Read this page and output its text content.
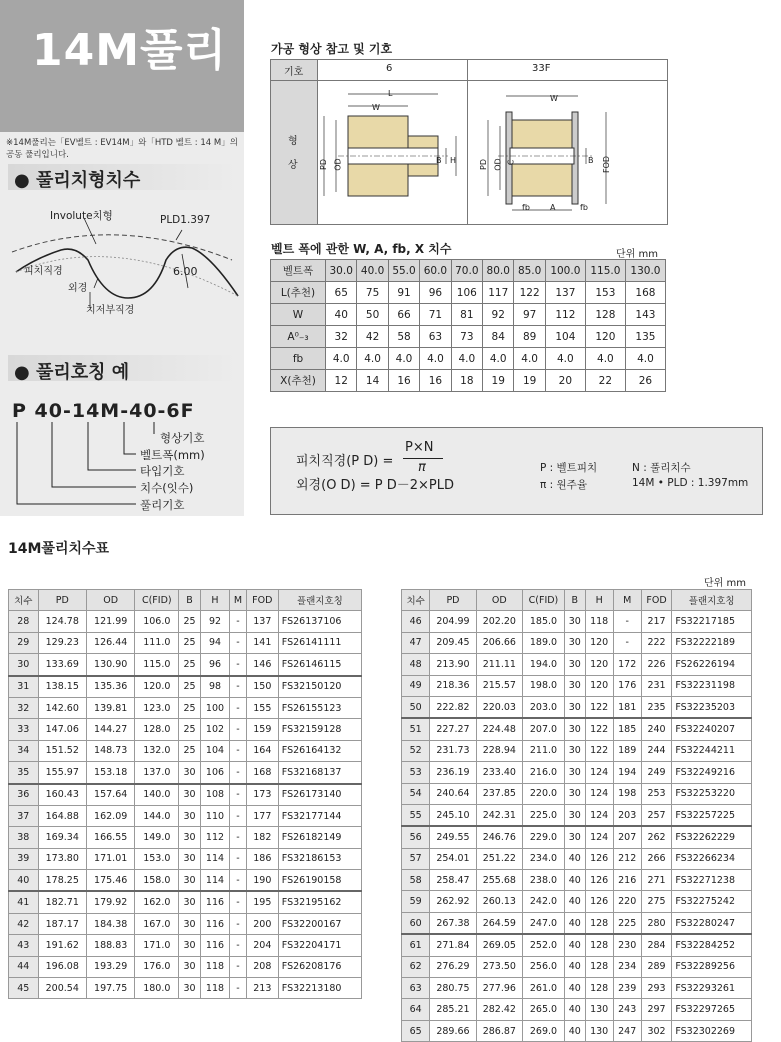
14M풀리
※14M풀리는「EV벨트 : EV14M」와「HTD 벨트 : 14 M」의 공동 풀리입니다.
● 풀리치형치수
Involute치형	PLD1.397
피치직경
외경
치저부직경
6.00
● 풀리호칭 예
P 40-14M-40-6F
형상기호
벨트폭(mm)
타입기호
치수(잇수)
풀리기호
가공 형상 참고 및 기호
기호	6	33F
형
상
L
W
PD OD	B H
W
PD OD C	B FOD
fb	A	fb
벨트 폭에 관한 W, A, fb, X 치수	단위 mm
벨트폭	30.0	40.0	55.0	60.0	70.0	80.0	85.0	100.0	115.0	130.0
L(추천)	65	75	91	96	106	117	122	137	153	168
W	40	50	66	71	81	92	97	112	128	143
A⁰₋₃	32	42	58	63	73	84	89	104	120	135
fb	4.0	4.0	4.0	4.0	4.0	4.0	4.0	4.0	4.0	4.0
X(추천)	12	14	16	16	18	19	19	20	22	26
피치직경(P D) =
P×N
π
외경(O D) = P D－2×PLD
P : 벨트피치	N : 풀리치수
π : 원주율	14M • PLD : 1.397mm
14M풀리치수표
단위 mm
치수	PD	OD	C(FID)	B	H	M	FOD	플랜지호칭
28	124.78	121.99	106.0	25	92	-	137	FS26137106
29	129.23	126.44	111.0	25	94	-	141	FS26141111
30	133.69	130.90	115.0	25	96	-	146	FS26146115
31	138.15	135.36	120.0	25	98	-	150	FS32150120
32	142.60	139.81	123.0	25	100	-	155	FS26155123
33	147.06	144.27	128.0	25	102	-	159	FS32159128
34	151.52	148.73	132.0	25	104	-	164	FS26164132
35	155.97	153.18	137.0	30	106	-	168	FS32168137
36	160.43	157.64	140.0	30	108	-	173	FS26173140
37	164.88	162.09	144.0	30	110	-	177	FS32177144
38	169.34	166.55	149.0	30	112	-	182	FS26182149
39	173.80	171.01	153.0	30	114	-	186	FS32186153
40	178.25	175.46	158.0	30	114	-	190	FS26190158
41	182.71	179.92	162.0	30	116	-	195	FS32195162
42	187.17	184.38	167.0	30	116	-	200	FS32200167
43	191.62	188.83	171.0	30	116	-	204	FS32204171
44	196.08	193.29	176.0	30	118	-	208	FS26208176
45	200.54	197.75	180.0	30	118	-	213	FS32213180
치수	PD	OD	C(FID)	B	H	M	FOD	플랜지호칭
46	204.99	202.20	185.0	30	118	-	217	FS32217185
47	209.45	206.66	189.0	30	120	-	222	FS32222189
48	213.90	211.11	194.0	30	120	172	226	FS26226194
49	218.36	215.57	198.0	30	120	176	231	FS32231198
50	222.82	220.03	203.0	30	122	181	235	FS32235203
51	227.27	224.48	207.0	30	122	185	240	FS32240207
52	231.73	228.94	211.0	30	122	189	244	FS32244211
53	236.19	233.40	216.0	30	124	194	249	FS32249216
54	240.64	237.85	220.0	30	124	198	253	FS32253220
55	245.10	242.31	225.0	30	124	203	257	FS32257225
56	249.55	246.76	229.0	30	124	207	262	FS32262229
57	254.01	251.22	234.0	40	126	212	266	FS32266234
58	258.47	255.68	238.0	40	126	216	271	FS32271238
59	262.92	260.13	242.0	40	126	220	275	FS32275242
60	267.38	264.59	247.0	40	128	225	280	FS32280247
61	271.84	269.05	252.0	40	128	230	284	FS32284252
62	276.29	273.50	256.0	40	128	234	289	FS32289256
63	280.75	277.96	261.0	40	128	239	293	FS32293261
64	285.21	282.42	265.0	40	130	243	297	FS32297265
65	289.66	286.87	269.0	40	130	247	302	FS32302269
